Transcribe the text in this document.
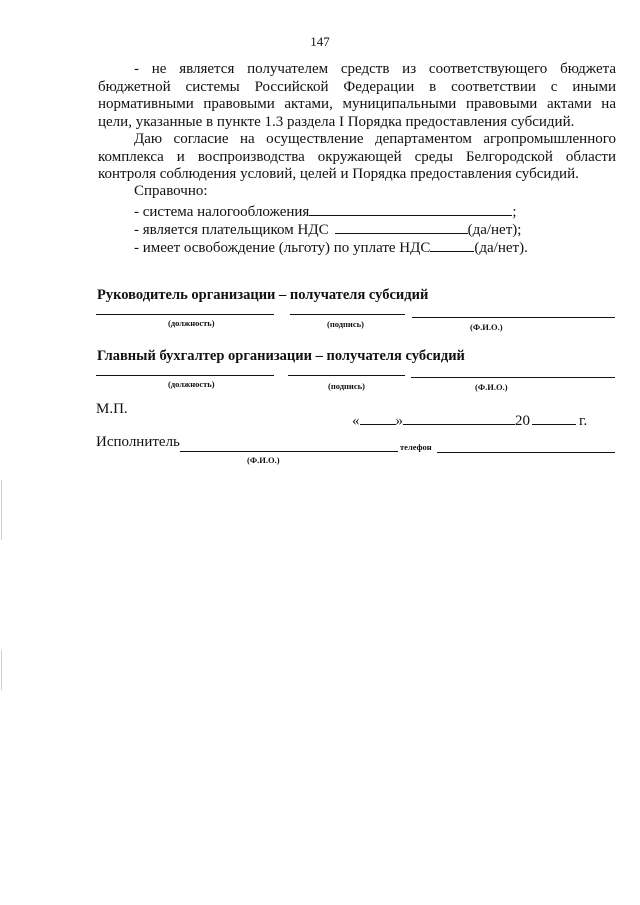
147
- не является получателем средств из соответствующего бюджета бюджетной системы Российской Федерации в соответствии с иными нормативными правовыми актами, муниципальными правовыми актами на цели, указанные в пункте 1.3 раздела I Порядка предоставления субсидий.
Даю согласие на осуществление департаментом агропромышленного комплекса и воспроизводства окружающей среды Белгородской области контроля соблюдения условий, целей и Порядка предоставления субсидий.
Справочно:
- система налогообложения	;
- является плательщиком НДС	(да/нет);
- имеет освобождение (льготу) по уплате НДС	(да/нет).
Руководитель организации – получателя субсидий
(должность)	(подпись)	(Ф.И.О.)
Главный бухгалтер организации – получателя субсидий
(должность)	(подпись)	(Ф.И.О.)
М.П.
« »	20	г.
Исполнитель	телефон
(Ф.И.О.)
